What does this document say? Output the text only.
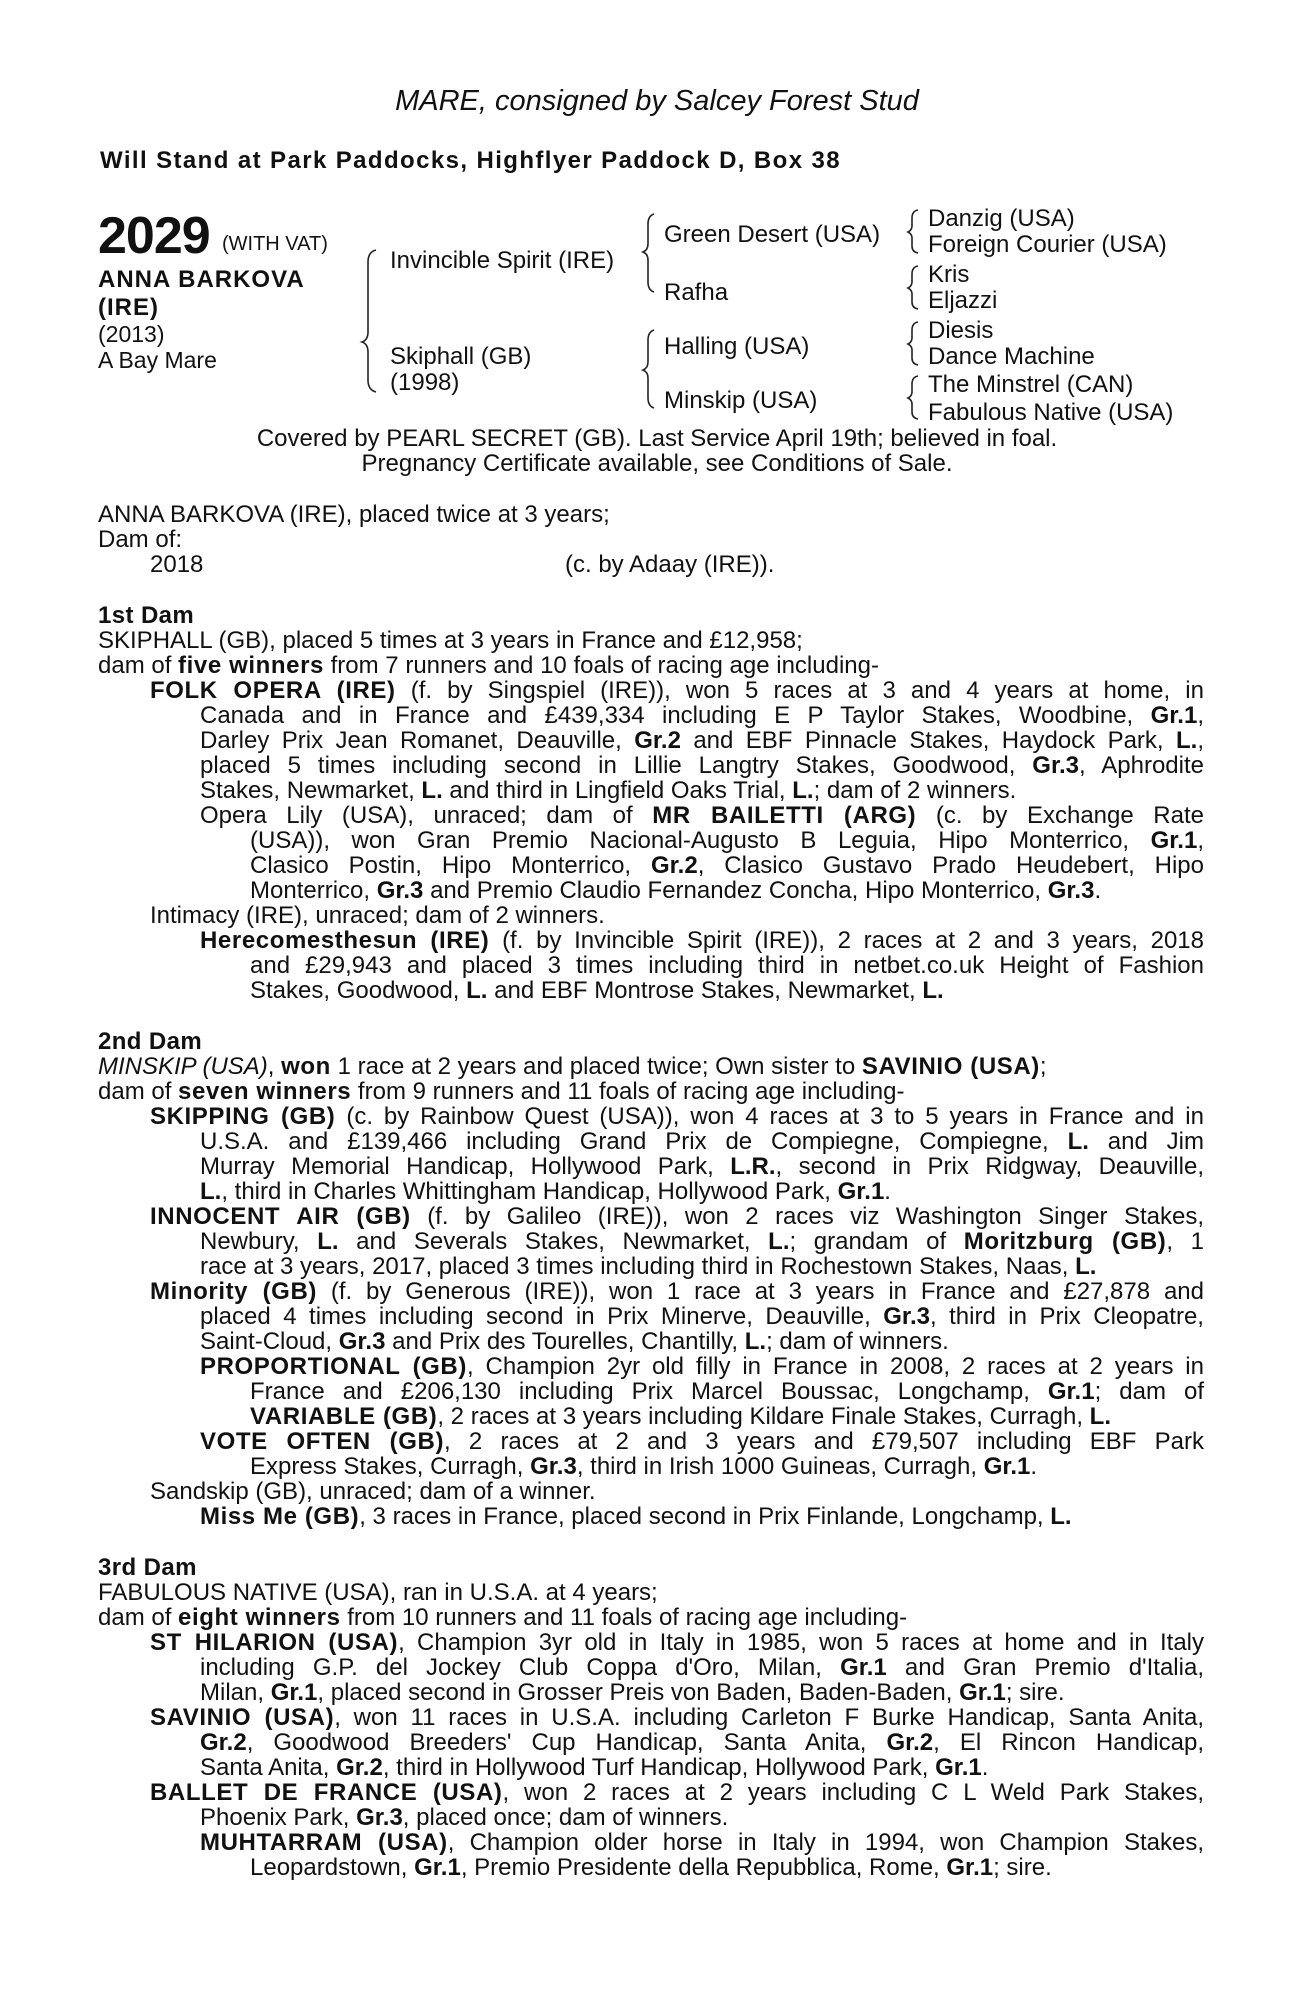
MARE, consigned by Salcey Forest Stud
Will Stand at Park Paddocks, Highflyer Paddock D, Box 38
2029 (WITH VAT)
ANNA BARKOVA
(IRE)
(2013)
A Bay Mare
Invincible Spirit (IRE)
Skiphall (GB)
(1998)
Green Desert (USA)
Rafha
Halling (USA)
Minskip (USA)
Danzig (USA)
Foreign Courier (USA)
Kris
Eljazzi
Diesis
Dance Machine
The Minstrel (CAN)
Fabulous Native (USA)
Covered by PEARL SECRET (GB). Last Service April 19th; believed in foal.
Pregnancy Certificate available, see Conditions of Sale.
ANNA BARKOVA (IRE), placed twice at 3 years;
Dam of:
2018	(c. by Adaay (IRE)).
1st Dam
SKIPHALL (GB), placed 5 times at 3 years in France and £12,958;
dam of five winners from 7 runners and 10 foals of racing age including-
FOLK OPERA (IRE) (f. by Singspiel (IRE)), won 5 races at 3 and 4 years at home, in
Canada and in France and £439,334 including E P Taylor Stakes, Woodbine, Gr.1,
Darley Prix Jean Romanet, Deauville, Gr.2 and EBF Pinnacle Stakes, Haydock Park, L.,
placed 5 times including second in Lillie Langtry Stakes, Goodwood, Gr.3, Aphrodite
Stakes, Newmarket, L. and third in Lingfield Oaks Trial, L.; dam of 2 winners.
Opera Lily (USA), unraced; dam of MR BAILETTI (ARG) (c. by Exchange Rate
(USA)), won Gran Premio Nacional-Augusto B Leguia, Hipo Monterrico, Gr.1,
Clasico Postin, Hipo Monterrico, Gr.2, Clasico Gustavo Prado Heudebert, Hipo
Monterrico, Gr.3 and Premio Claudio Fernandez Concha, Hipo Monterrico, Gr.3.
Intimacy (IRE), unraced; dam of 2 winners.
Herecomesthesun (IRE) (f. by Invincible Spirit (IRE)), 2 races at 2 and 3 years, 2018
and £29,943 and placed 3 times including third in netbet.co.uk Height of Fashion
Stakes, Goodwood, L. and EBF Montrose Stakes, Newmarket, L.
2nd Dam
MINSKIP (USA), won 1 race at 2 years and placed twice; Own sister to SAVINIO (USA);
dam of seven winners from 9 runners and 11 foals of racing age including-
SKIPPING (GB) (c. by Rainbow Quest (USA)), won 4 races at 3 to 5 years in France and in
U.S.A. and £139,466 including Grand Prix de Compiegne, Compiegne, L. and Jim
Murray Memorial Handicap, Hollywood Park, L.R., second in Prix Ridgway, Deauville,
L., third in Charles Whittingham Handicap, Hollywood Park, Gr.1.
INNOCENT AIR (GB) (f. by Galileo (IRE)), won 2 races viz Washington Singer Stakes,
Newbury, L. and Severals Stakes, Newmarket, L.; grandam of Moritzburg (GB), 1
race at 3 years, 2017, placed 3 times including third in Rochestown Stakes, Naas, L.
Minority (GB) (f. by Generous (IRE)), won 1 race at 3 years in France and £27,878 and
placed 4 times including second in Prix Minerve, Deauville, Gr.3, third in Prix Cleopatre,
Saint-Cloud, Gr.3 and Prix des Tourelles, Chantilly, L.; dam of winners.
PROPORTIONAL (GB), Champion 2yr old filly in France in 2008, 2 races at 2 years in
France and £206,130 including Prix Marcel Boussac, Longchamp, Gr.1; dam of
VARIABLE (GB), 2 races at 3 years including Kildare Finale Stakes, Curragh, L.
VOTE OFTEN (GB), 2 races at 2 and 3 years and £79,507 including EBF Park
Express Stakes, Curragh, Gr.3, third in Irish 1000 Guineas, Curragh, Gr.1.
Sandskip (GB), unraced; dam of a winner.
Miss Me (GB), 3 races in France, placed second in Prix Finlande, Longchamp, L.
3rd Dam
FABULOUS NATIVE (USA), ran in U.S.A. at 4 years;
dam of eight winners from 10 runners and 11 foals of racing age including-
ST HILARION (USA), Champion 3yr old in Italy in 1985, won 5 races at home and in Italy
including G.P. del Jockey Club Coppa d'Oro, Milan, Gr.1 and Gran Premio d'Italia,
Milan, Gr.1, placed second in Grosser Preis von Baden, Baden-Baden, Gr.1; sire.
SAVINIO (USA), won 11 races in U.S.A. including Carleton F Burke Handicap, Santa Anita,
Gr.2, Goodwood Breeders' Cup Handicap, Santa Anita, Gr.2, El Rincon Handicap,
Santa Anita, Gr.2, third in Hollywood Turf Handicap, Hollywood Park, Gr.1.
BALLET DE FRANCE (USA), won 2 races at 2 years including C L Weld Park Stakes,
Phoenix Park, Gr.3, placed once; dam of winners.
MUHTARRAM (USA), Champion older horse in Italy in 1994, won Champion Stakes,
Leopardstown, Gr.1, Premio Presidente della Repubblica, Rome, Gr.1; sire.
